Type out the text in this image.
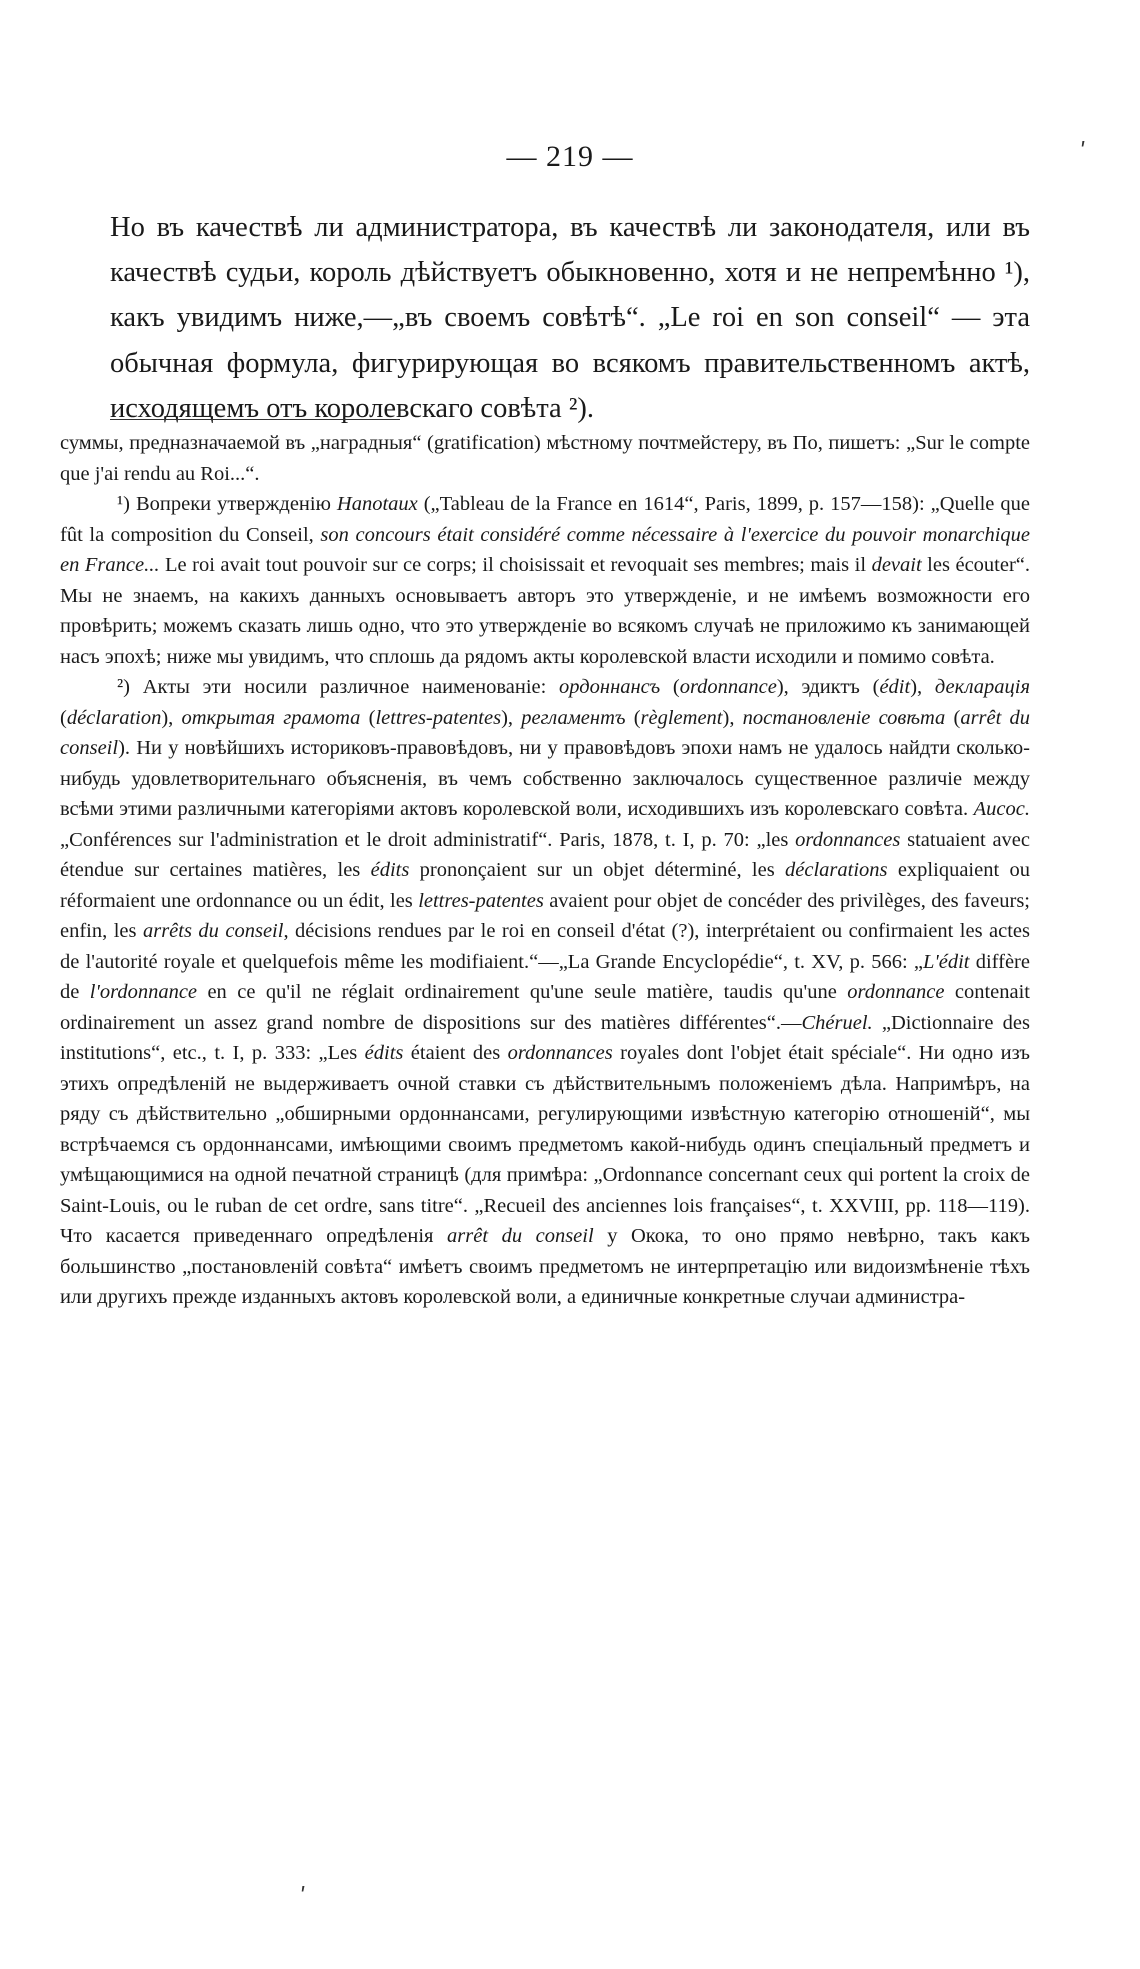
— 219 —
Но въ качествѣ ли администратора, въ качествѣ ли законодателя, или въ качествѣ судьи, король дѣйствуетъ обыкновенно, хотя и не непремѣнно ¹), какъ увидимъ ниже,—„въ своемъ совѣтѣ“. „Le roi en son conseil“ — эта обычная формула, фигурирующая во всякомъ правительственномъ актѣ, исходящемъ отъ королевскаго совѣта ²).

суммы, предназначаемой въ „наградныя“ (gratification) мѣстному почтмейстеру, въ По, пишетъ: „Sur le compte que j'ai rendu au Roi...“.

¹) Вопреки утвержденію Hanotaux („Tableau de la France en 1614“, Paris, 1899, p. 157—158): „Quelle que fût la composition du Conseil, son concours était considéré comme nécessaire à l'exercice du pouvoir monarchique en France... Le roi avait tout pouvoir sur ce corps; il choisissait et revoquait ses membres; mais il devait les écouter“. Мы не знаемъ, на какихъ данныхъ основываетъ авторъ это утвержденіе, и не имѣемъ возможности его провѣрить; можемъ сказать лишь одно, что это утвержденіе во всякомъ случаѣ не приложимо къ занимающей насъ эпохѣ; ниже мы увидимъ, что сплошь да рядомъ акты королевской власти исходили и помимо совѣта.

²) Акты эти носили различное наименованіе: ордоннансъ (ordonnance), эдиктъ (édit), декларація (déclaration), открытая грамота (lettres-patentes), регламентъ (règlement), постановленіе совѣта (arrêt du conseil). Ни у новѣйшихъ историковъ-правовѣдовъ, ни у правовѣдовъ эпохи намъ не удалось найдти сколько-нибудь удовлетворительнаго объясненія, въ чемъ собственно заключалось существенное различіе между всѣми этими различными категоріями актовъ королевской воли, исходившихъ изъ королевскаго совѣта. Aucoc. „Conférences sur l'administration et le droit administratif“. Paris, 1878, t. I, p. 70: „les ordonnances statuaient avec étendue sur certaines matières, les édits prononçaient sur un objet déterminé, les déclarations expliquaient ou réformaient une ordonnance ou un édit, les lettres-patentes avaient pour objet de concéder des privilèges, des faveurs; enfin, les arrêts du conseil, décisions rendues par le roi en conseil d'état (?), interprétaient ou confirmaient les actes de l'autorité royale et quelquefois même les modifiaient.“—„La Grande Encyclopédie“, t. XV, p. 566: „L'édit diffère de l'ordonnance en ce qu'il ne réglait ordinairement qu'une seule matière, taudis qu'une ordonnance contenait ordinairement un assez grand nombre de dispositions sur des matières différentes“.—Chéruel. „Dictionnaire des institutions“, etc., t. I, p. 333: „Les édits étaient des ordonnances royales dont l'objet était spéciale“. Ни одно изъ этихъ опредѣленій не выдерживаетъ очной ставки съ дѣйствительнымъ положеніемъ дѣла. Напримѣръ, на ряду съ дѣйствительно „обширными ордоннансами, регулирующими извѣстную категорію отношеній“, мы встрѣчаемся съ ордоннансами, имѣющими своимъ предметомъ какой-нибудь одинъ спеціальный предметъ и умѣщающимися на одной печатной страницѣ (для примѣра: „Ordonnance concernant ceux qui portent la croix de Saint-Louis, ou le ruban de cet ordre, sans titre“. „Recueil des anciennes lois françaises“, t. XXVIII, pp. 118—119). Что касается приведеннаго опредѣленія arrêt du conseil у Окока, то оно прямо невѣрно, такъ какъ большинство „постановленій совѣта“ имѣетъ своимъ предметомъ не интерпретацію или видоизмѣненіе тѣхъ или другихъ прежде изданныхъ актовъ королевской воли, а единичные конкретные случаи администра-

ʹ
ʹ
